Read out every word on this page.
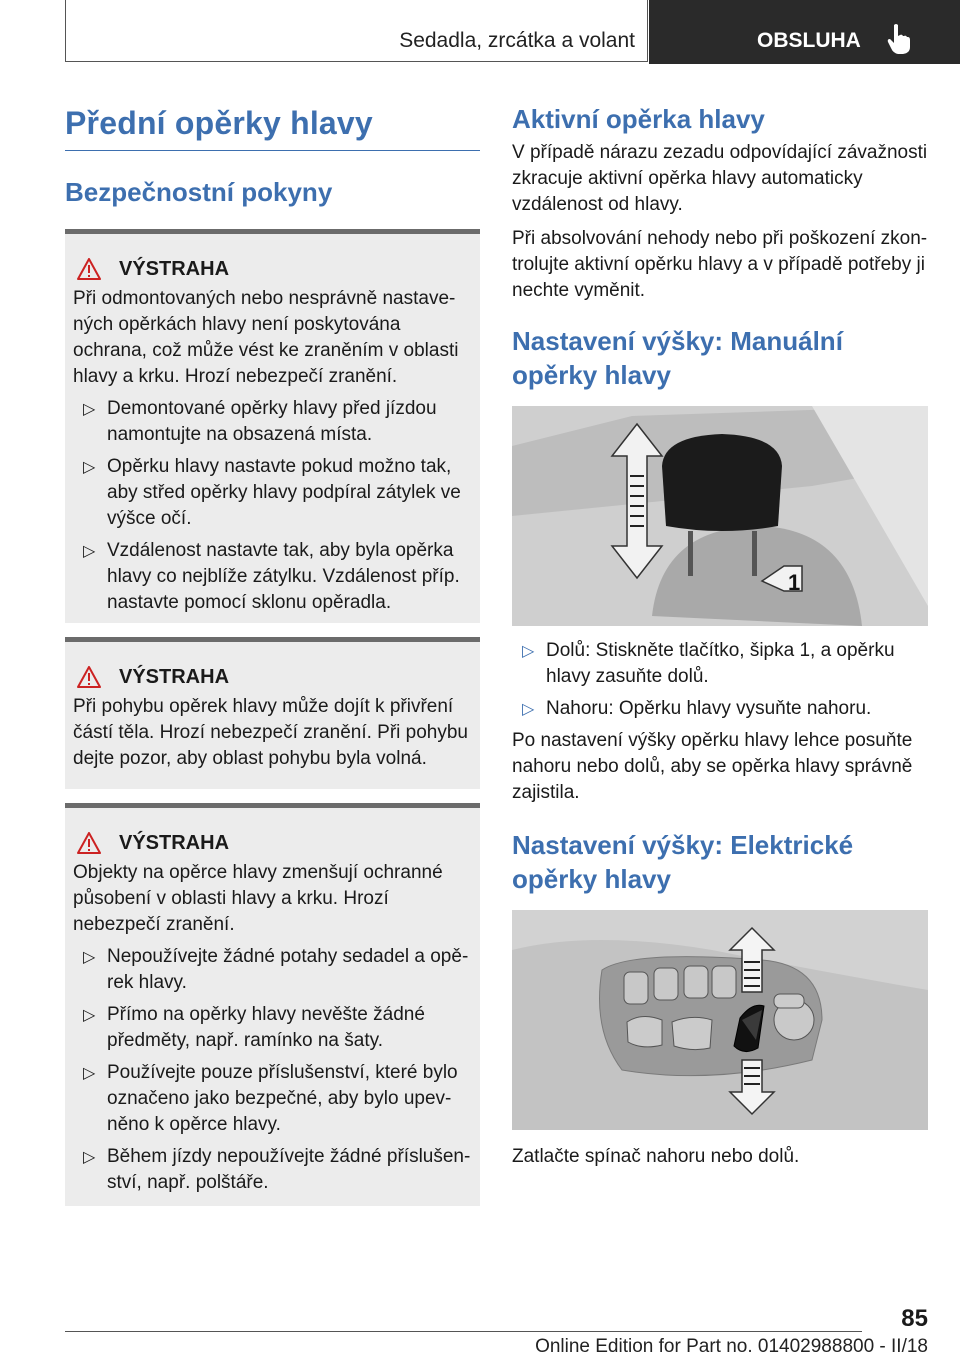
Sedadla, zrcátka a volant	OBSLUHA
Přední opěrky hlavy
Bezpečnostní pokyny
VÝSTRAHA

Při odmontovaných nebo nesprávně nastavených opěrkách hlavy není poskytována ochrana, což může vést ke zraněním v oblasti hlavy a krku. Hrozí nebezpečí zranění.

▷ Demontované opěrky hlavy před jízdou namontujte na obsazená místa.
▷ Opěrku hlavy nastavte pokud možno tak, aby střed opěrky hlavy podpíral zátylek ve výšce očí.
▷ Vzdálenost nastavte tak, aby byla opěrka hlavy co nejblíže zátylku. Vzdálenost příp. nastavte pomocí sklonu opěradla.
VÝSTRAHA

Při pohybu opěrek hlavy může dojít k přivření částí těla. Hrozí nebezpečí zranění. Při pohybu dejte pozor, aby oblast pohybu byla volná.

VÝSTRAHA

Objekty na opěrce hlavy zmenšují ochranné působení v oblasti hlavy a krku. Hrozí nebezpečí zranění.

▷ Nepoužívejte žádné potahy sedadel a opěrek hlavy.
▷ Přímo na opěrky hlavy nevěšte žádné předměty, např. ramínko na šaty.
▷ Používejte pouze příslušenství, které bylo označeno jako bezpečné, aby bylo upevněno k opěrce hlavy.
▷ Během jízdy nepoužívejte žádné příslušenství, např. polštáře.
Aktivní opěrka hlavy

V případě nárazu zezadu odpovídající závažnosti zkracuje aktivní opěrka hlavy automaticky vzdálenost od hlavy.

Při absolvování nehody nebo při poškození zkontrolujte aktivní opěrku hlavy a v případě potřeby ji nechte vyměnit.

Nastavení výšky: Manuální opěrky hlavy
1
▷ Dolů: Stiskněte tlačítko, šipka 1, a opěrku hlavy zasuňte dolů.
▷ Nahoru: Opěrku hlavy vysuňte nahoru.

Po nastavení výšky opěrku hlavy lehce posuňte nahoru nebo dolů, aby se opěrka hlavy správně zajistila.

Nastavení výšky: Elektrické opěrky hlavy

Zatlačte spínač nahoru nebo dolů.

85
Online Edition for Part no. 01402988800 - II/18
